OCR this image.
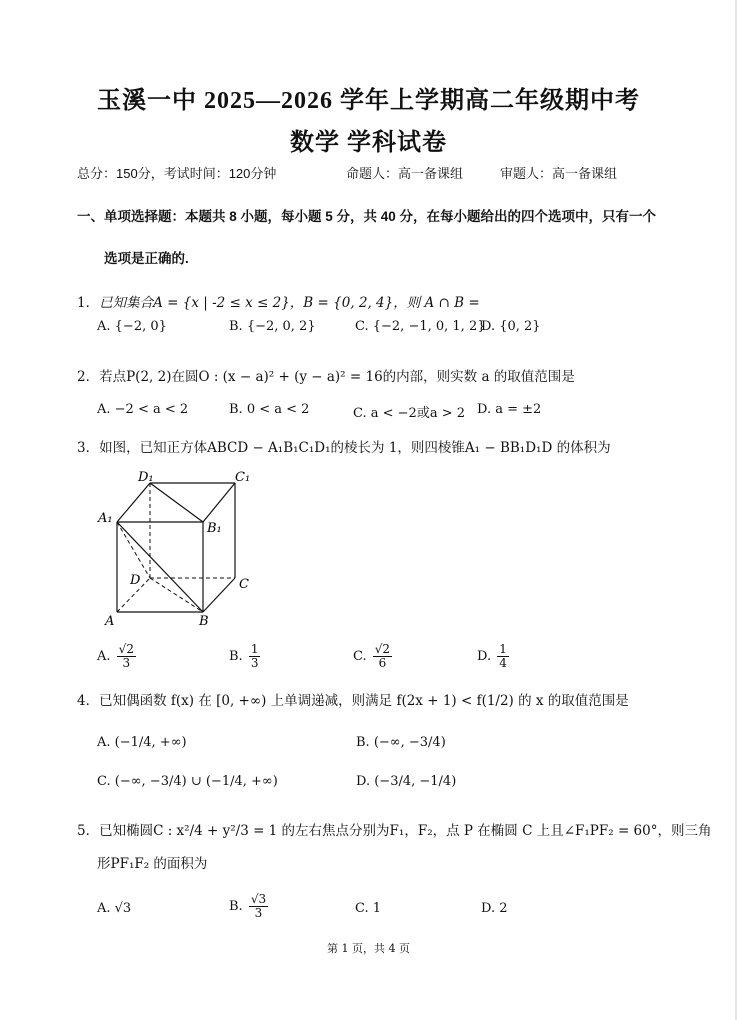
玉溪一中 2025—2026 学年上学期高二年级期中考
数学 学科试卷
总分：150分，考试时间：120分钟	命题人：高一备课组	审题人：高一备课组
一、单项选择题：本题共 8 小题，每小题 5 分，共 40 分，在每小题给出的四个选项中，只有一个
选项是正确的.
1．已知集合A = {x | -2 ≤ x ≤ 2}，B = {0, 2, 4}，则 A ∩ B =
A. {−2, 0}	B. {−2, 0, 2}	C. {−2, −1, 0, 1, 2}
D. {0, 2}
2．若点P(2, 2)在圆O : (x − a)² + (y − a)² = 16的内部，则实数 a 的取值范围是
A. −2 < a < 2	B. 0 < a < 2	C. a < −2或a > 2 D. a = ±2
3．如图，已知正方体ABCD − A₁B₁C₁D₁的棱长为 1，则四棱锥A₁ − BB₁D₁D 的体积为
D₁	C₁
A₁
B₁
D	C
A	B
A. $\frac{√2}{3}$	B. $\frac{1}{3}$	C. $\frac{√2}{6}$	D. $\frac{1}{4}$
4．已知偶函数 f(x) 在 [0, +∞) 上单调递减，则满足 f(2x + 1) < f(1/2) 的 x 的取值范围是
A. (−1/4, +∞)	B. (−∞, −3/4)
C. (−∞, −3/4) ∪ (−1/4, +∞)	D. (−3/4, −1/4)
5．已知椭圆C : x²/4 + y²/3 = 1 的左右焦点分别为F₁，F₂，点 P 在椭圆 C 上且∠F₁PF₂ = 60°，则三角
形PF₁F₂ 的面积为
A. √3	B. $\frac{√3}{3}$	C. 1	D. 2
第 1 页，共 4 页
